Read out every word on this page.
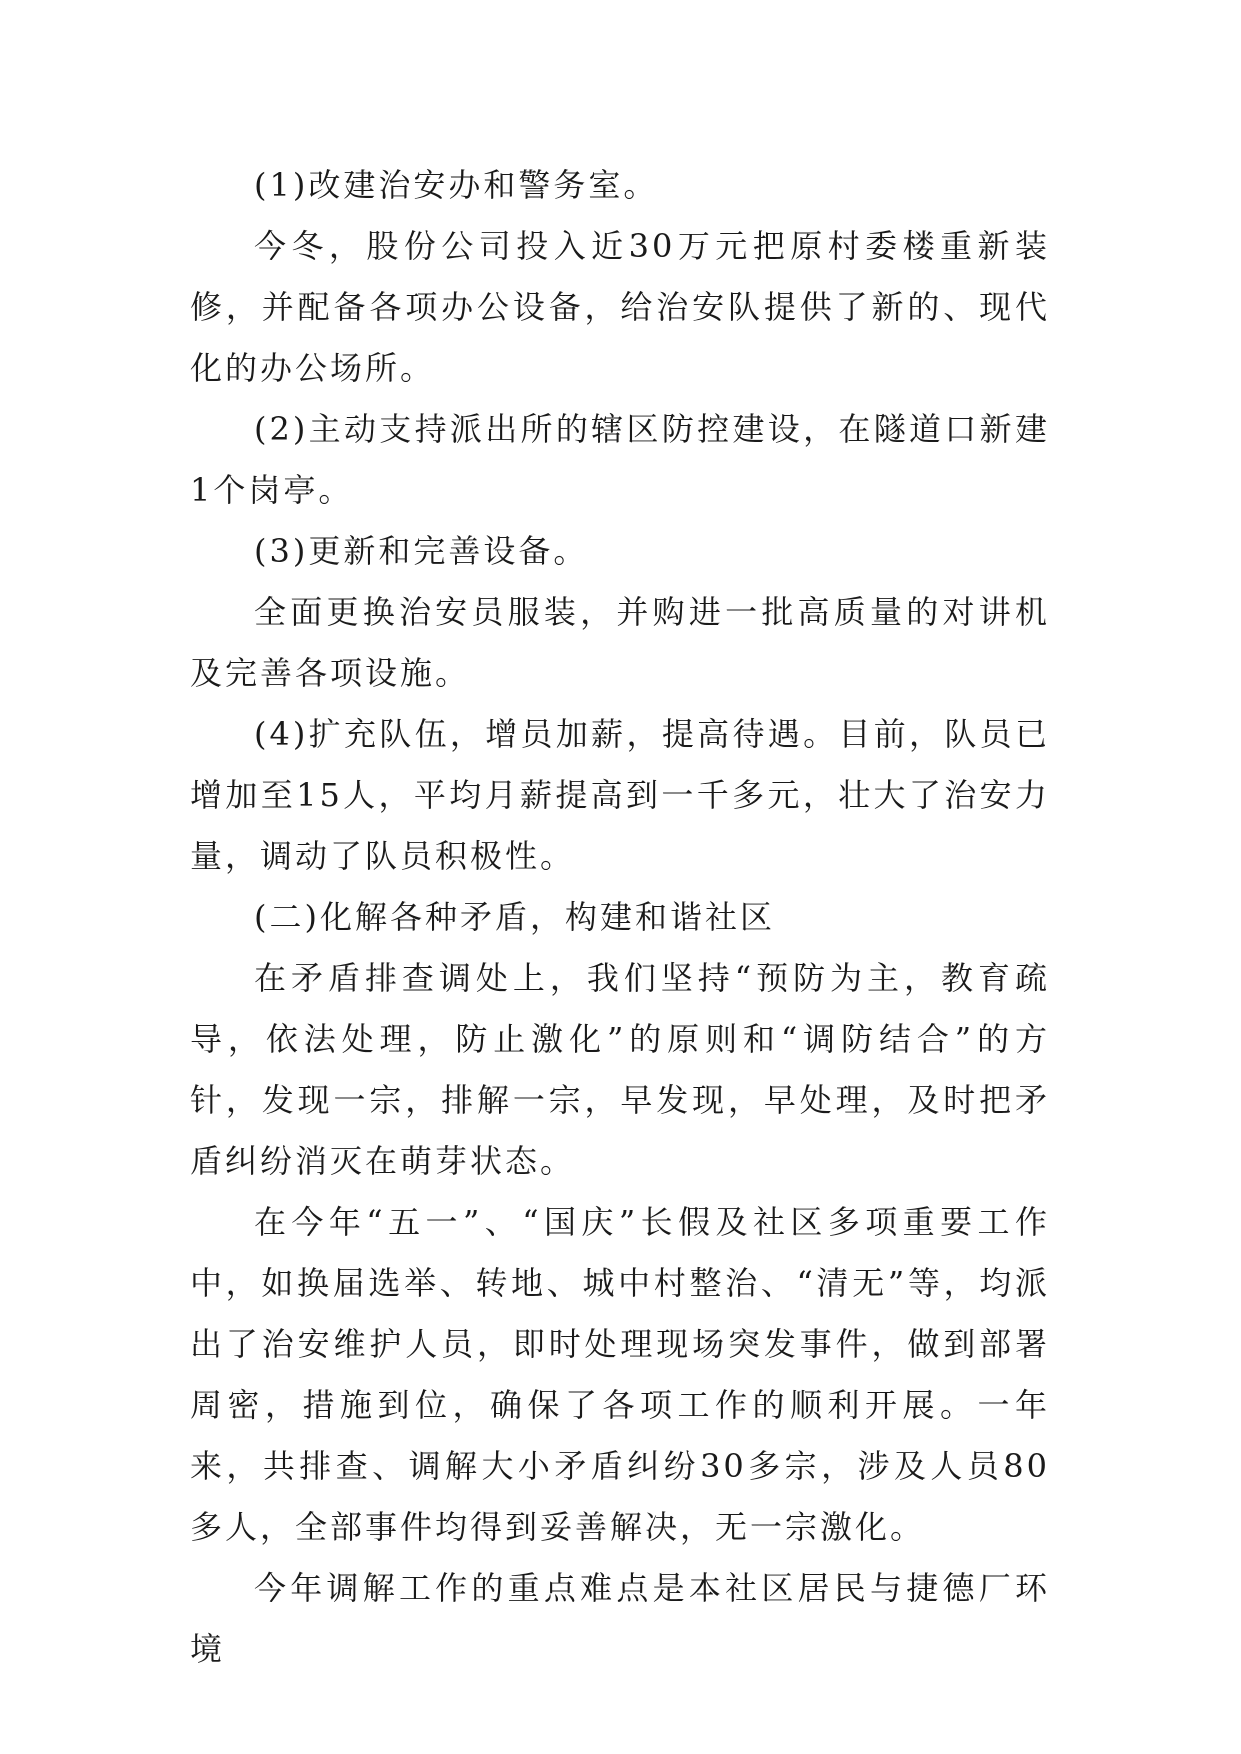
(1)改建治安办和警务室。

今冬，股份公司投入近30万元把原村委楼重新装修，并配备各项办公设备，给治安队提供了新的、现代化的办公场所。

(2)主动支持派出所的辖区防控建设，在隧道口新建1个岗亭。

(3)更新和完善设备。

全面更换治安员服装，并购进一批高质量的对讲机及完善各项设施。

(4)扩充队伍，增员加薪，提高待遇。目前，队员已增加至15人，平均月薪提高到一千多元，壮大了治安力量，调动了队员积极性。

(二)化解各种矛盾，构建和谐社区

在矛盾排查调处上，我们坚持“预防为主，教育疏导，依法处理，防止激化”的原则和“调防结合”的方针，发现一宗，排解一宗，早发现，早处理，及时把矛盾纠纷消灭在萌芽状态。

在今年“五一”、“国庆”长假及社区多项重要工作中，如换届选举、转地、城中村整治、“清无”等，均派出了治安维护人员，即时处理现场突发事件，做到部署周密，措施到位，确保了各项工作的顺利开展。一年来，共排查、调解大小矛盾纠纷30多宗，涉及人员80多人，全部事件均得到妥善解决，无一宗激化。

今年调解工作的重点难点是本社区居民与捷德厂环境
